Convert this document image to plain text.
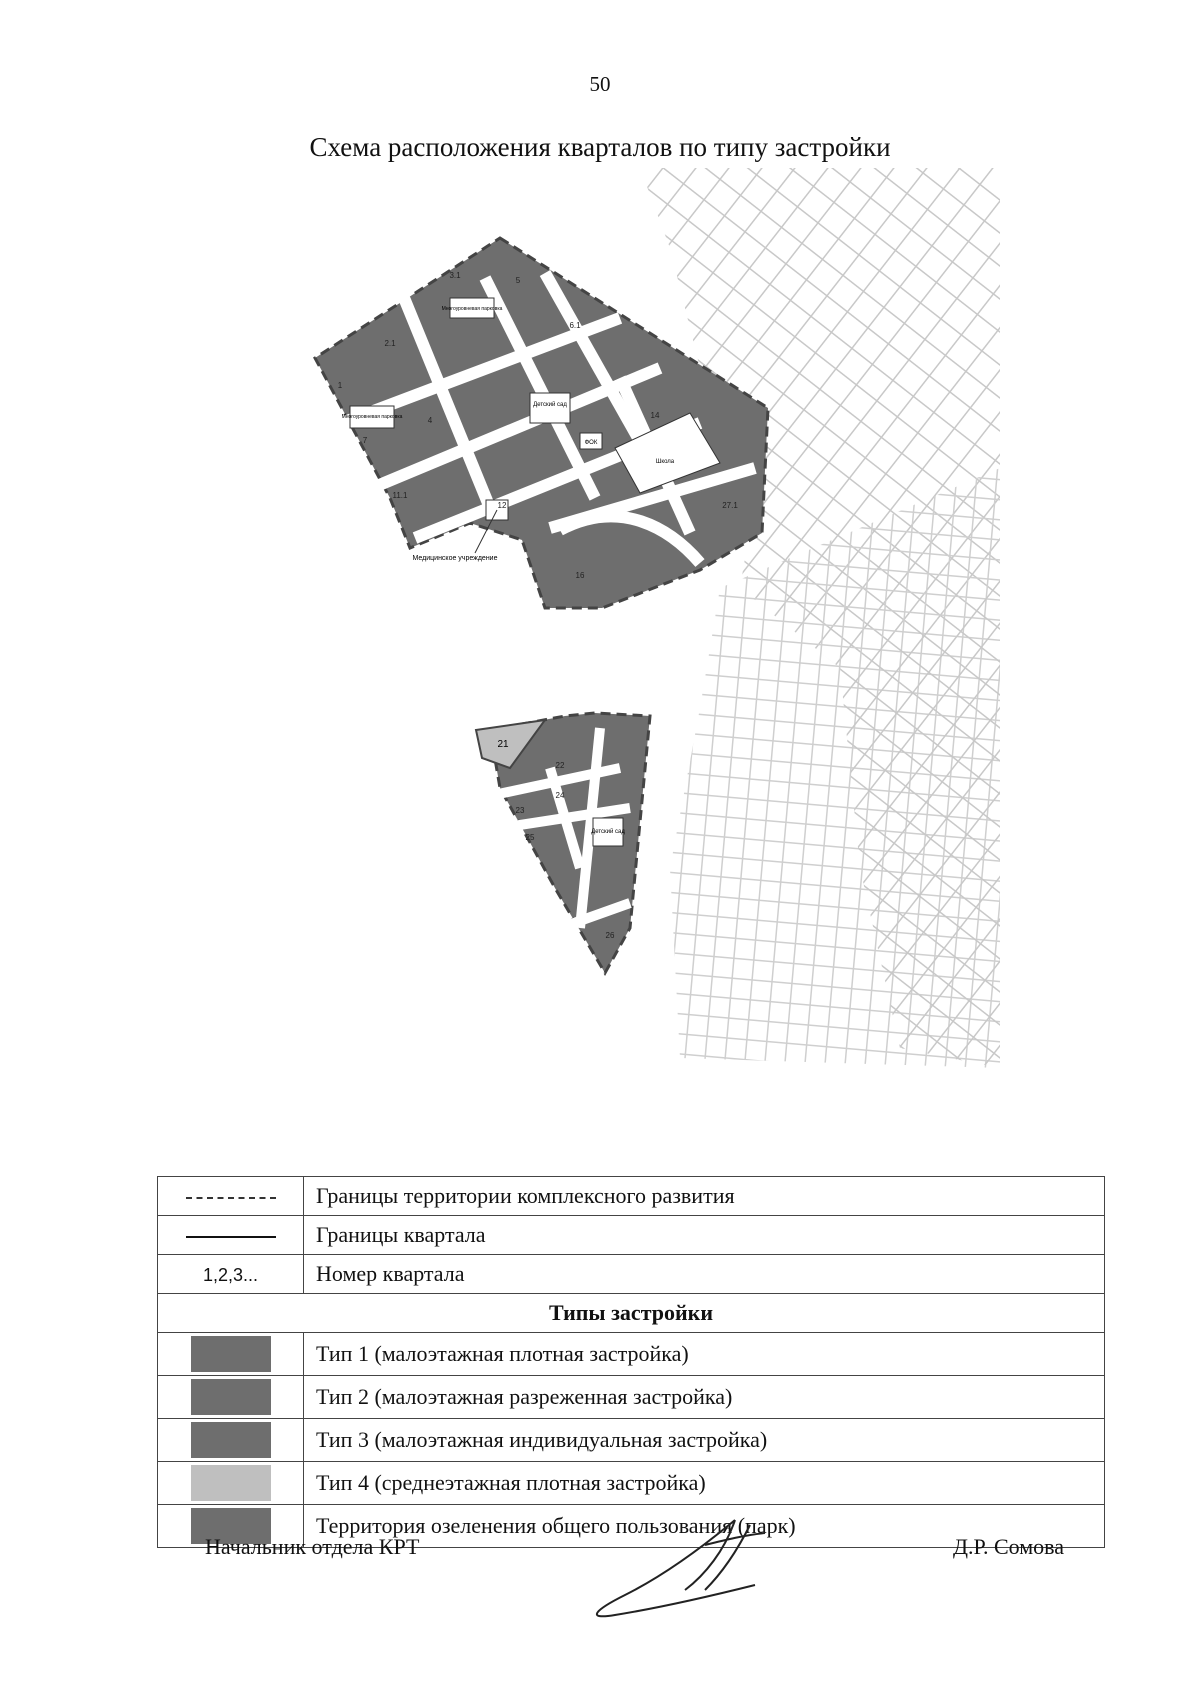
50
Схема расположения кварталов по типу застройки
Детский сад
ФОК
Школа
Многоуровневая парковка
Многоуровневая парковка
Медицинское учреждение
1
2.1
3.1
4
5
6.1
7
11.1
12
14
16
27.1
21
Детский сад
22
23
24
25
26
	Границы территории комплексного развития
	Границы квартала
1,2,3...	Номер квартала
Типы застройки	
	Тип 1 (малоэтажная плотная застройка)
	Тип 2 (малоэтажная разреженная застройка)
	Тип 3 (малоэтажная индивидуальная застройка)
	Тип 4 (среднеэтажная плотная застройка)
	Территория озеленения общего пользования (парк)
Начальник отдела КРТ	Д.Р. Сомова
